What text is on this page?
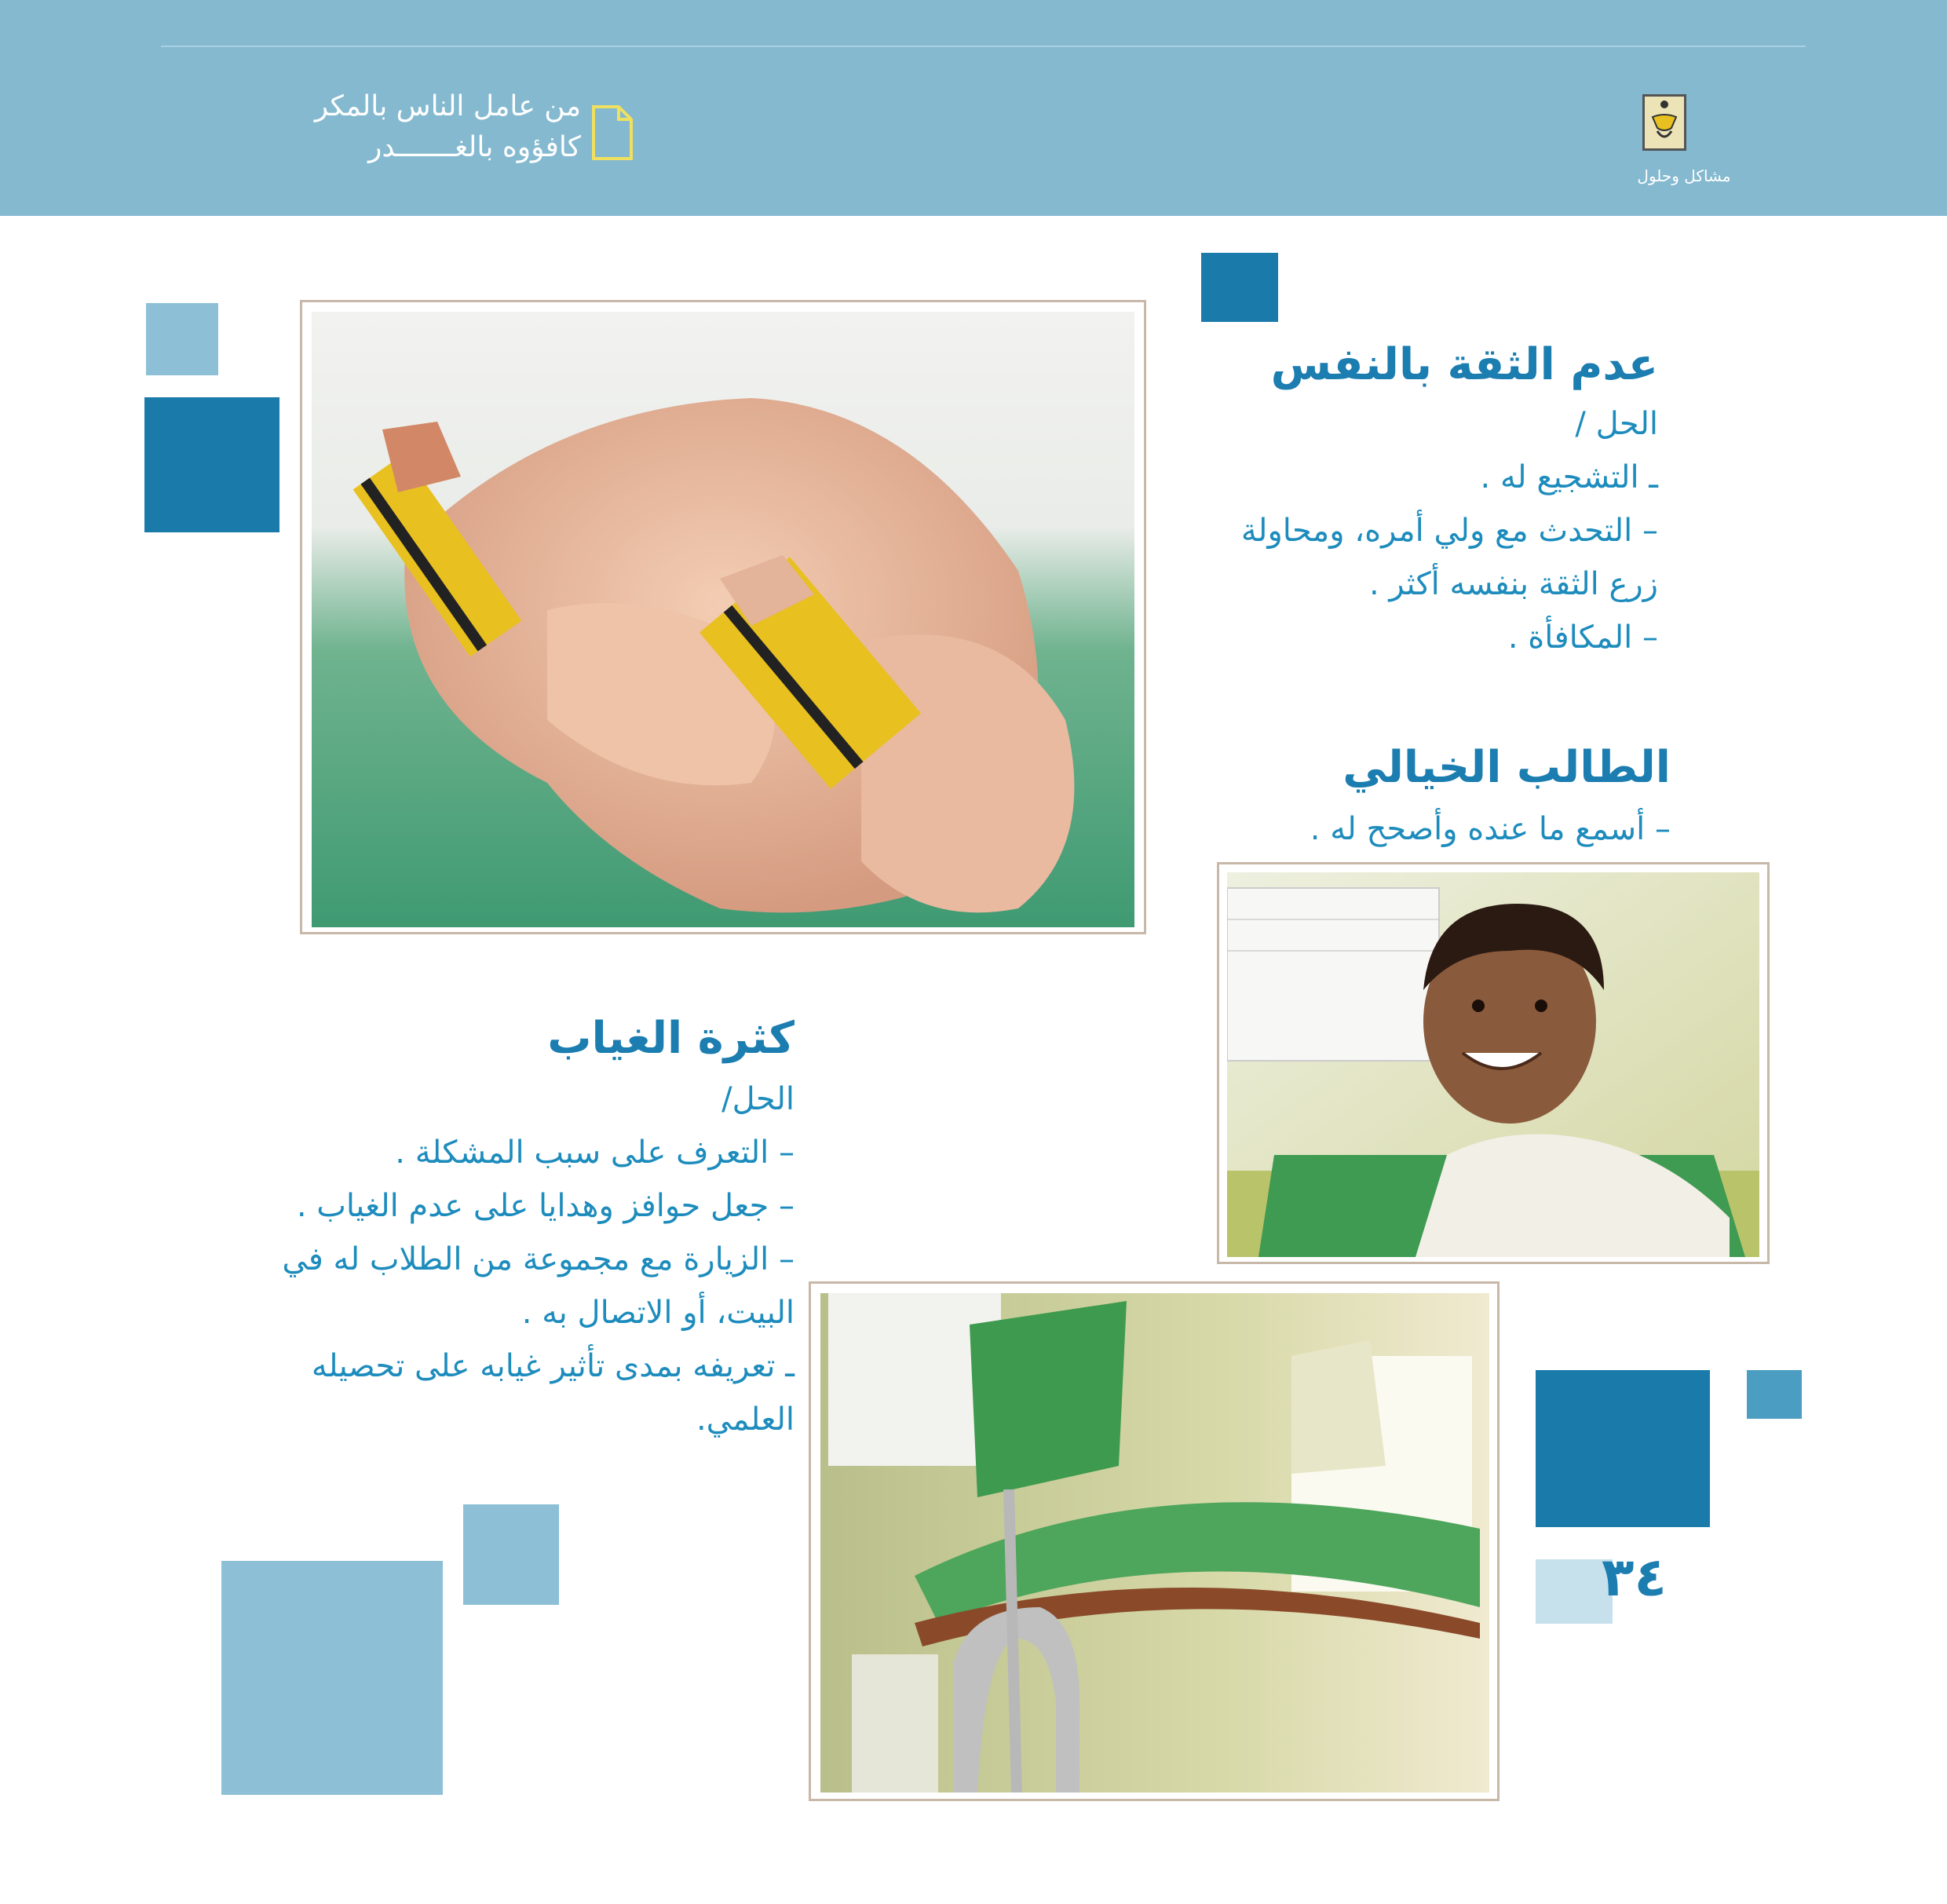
من عامل الناس بالمكر
كافؤوه بالغـــــــدر
مشاكل وحلول
عدم الثقة بالنفس
الحل /
ـ التشجيع له .
– التحدث مع ولي أمره، ومحاولة
زرع الثقة بنفسه أكثر .
– المكافأة .
الطالب الخيالي
– أسمع ما عنده وأصحح له .
كثرة الغياب
الحل/
– التعرف على سبب المشكلة .
– جعل حوافز وهدايا على عدم الغياب .
– الزيارة مع مجموعة من الطلاب له في
البيت، أو الاتصال به .
ـ تعريفه بمدى تأثير غيابه على تحصيله
العلمي.
٣٤
